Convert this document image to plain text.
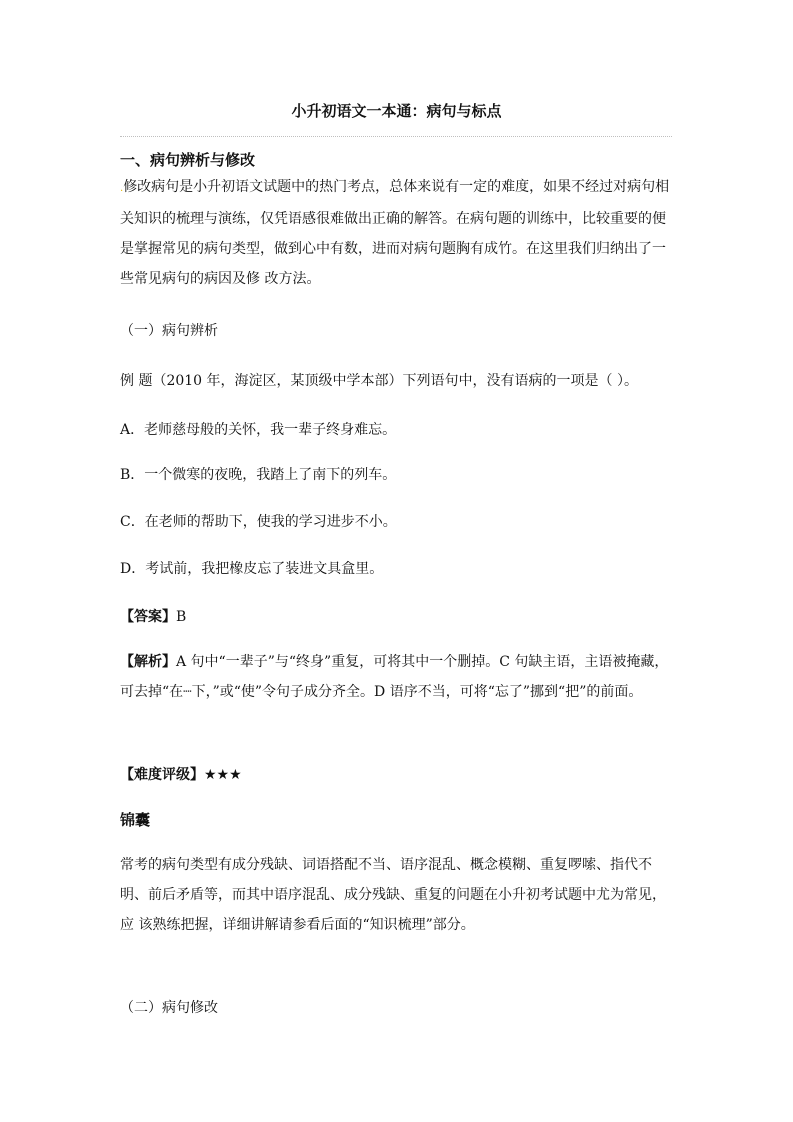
小升初语文一本通：病句与标点
一、病句辨析与修改

.修改病句是小升初语文试题中的热门考点，总体来说有一定的难度，如果不经过对病句相关知识的梳理与演练，仅凭语感很难做出正确的解答。在病句题的训练中，比较重要的便是掌握常见的病句类型，做到心中有数，进而对病句题胸有成竹。在这里我们归纳出了一些常见病句的病因及修 改方法。

（一）病句辨析
例 题（2010 年，海淀区，某顶级中学本部）下列语句中，没有语病的一项是（ ）。
A．老师慈母般的关怀，我一辈子终身难忘。
B．一个微寒的夜晚，我踏上了南下的列车。
C．在老师的帮助下，使我的学习进步不小。
D．考试前，我把橡皮忘了装进文具盒里。
【答案】B

【解析】A 句中“一辈子”与“终身”重复，可将其中一个删掉。C 句缺主语，主语被掩藏，可去掉“在┈下，”或“使”令句子成分齐全。D 语序不当，可将“忘了”挪到“把”的前面。

【难度评级】★★★
锦囊

常考的病句类型有成分残缺、词语搭配不当、语序混乱、概念模糊、重复啰嗦、指代不明、前后矛盾等，而其中语序混乱、成分残缺、重复的问题在小升初考试题中尤为常见，应 该熟练把握，详细讲解请参看后面的“知识梳理”部分。

（二）病句修改
